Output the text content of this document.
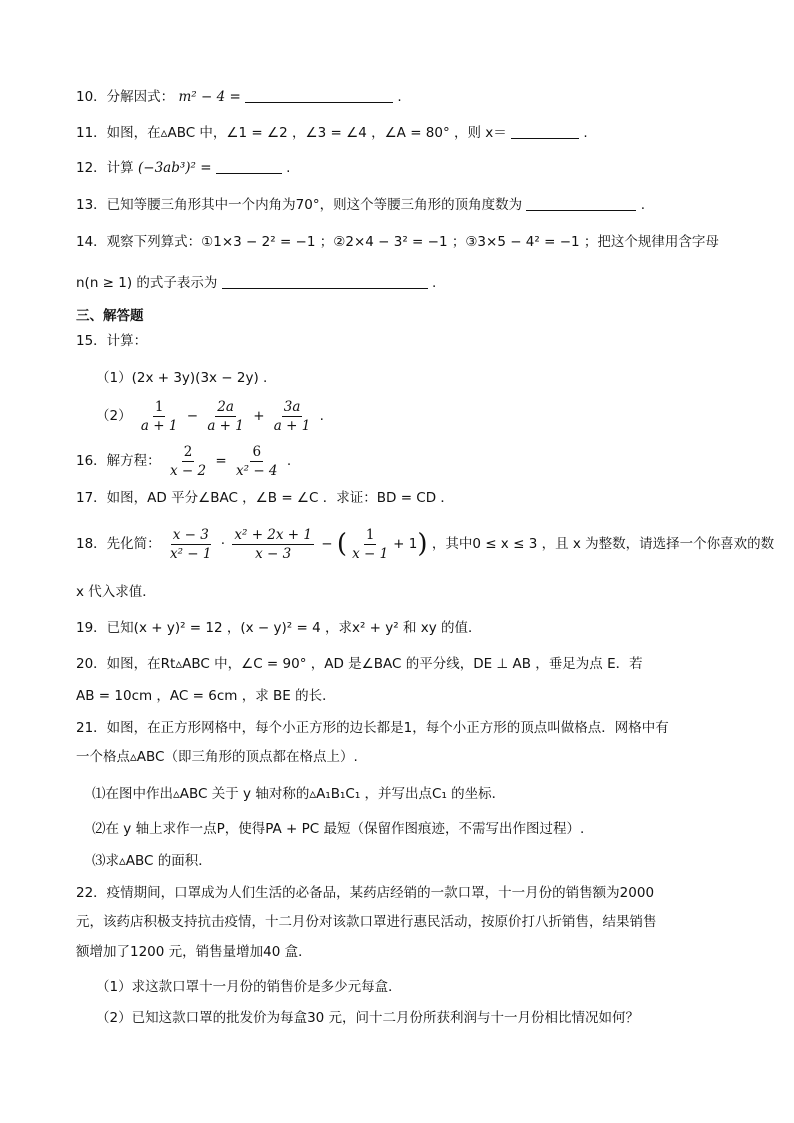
10．分解因式： m² − 4 =	.
11．如图，在▵ABC 中，∠1 = ∠2 ，∠3 = ∠4 ，∠A = 80° ，则 x＝	.
12．计算 (−3ab³)² =	.
13．已知等腰三角形其中一个内角为70°，则这个等腰三角形的顶角度数为	.
14．观察下列算式：①1×3 − 2² = −1 ；②2×4 − 3² = −1 ；③3×5 − 4² = −1 ；把这个规律用含字母
n(n ≥ 1) 的式子表示为	.
三、解答题
15．计算：
（1）(2x + 3y)(3x − 2y) .
$(2) \frac{1}{a + 1} - \frac{2a}{a + 1} + \frac{3a}{a + 1}$ .
16．解方程： $\frac{2}{x - 2} = \frac{6}{\text{x² − 4}}$ .
17．如图，AD 平分∠BAC ，∠B = ∠C ．求证：BD = CD ．
18．先化简： $\frac{x - 3}{\text{x² − 1}} \cdot \frac{\text{x² + 2x + 1}}{x - 3}$ − ( $\frac{1}{x - 1} + 1$) ，其中0 ≤ x ≤ 3 ，且 x 为整数，请选择一个你喜欢的数
x 代入求值．
19．已知(x + y)² = 12 ，(x − y)² = 4 ，求x² + y² 和 xy 的值．
20．如图，在Rt▵ABC 中，∠C = 90° ，AD 是∠BAC 的平分线，DE ⊥ AB ，垂足为点 E．若
AB = 10cm ，AC = 6cm ，求 BE 的长．
21．如图，在正方形网格中，每个小正方形的边长都是1，每个小正方形的顶点叫做格点．网格中有
一个格点▵ABC（即三角形的顶点都在格点上）.
⑴在图中作出▵ABC 关于 y 轴对称的▵A₁B₁C₁ ，并写出点C₁ 的坐标．
⑵在 y 轴上求作一点P，使得PA + PC 最短（保留作图痕迹，不需写出作图过程）.
⑶求▵ABC 的面积．
22．疫情期间，口罩成为人们生活的必备品，某药店经销的一款口罩，十一月份的销售额为2000
元，该药店积极支持抗击疫情，十二月份对该款口罩进行惠民活动，按原价打八折销售，结果销售
额增加了1200 元，销售量增加40 盒．
（1）求这款口罩十一月份的销售价是多少元每盒．
（2）已知这款口罩的批发价为每盒30 元，问十二月份所获利润与十一月份相比情况如何？
